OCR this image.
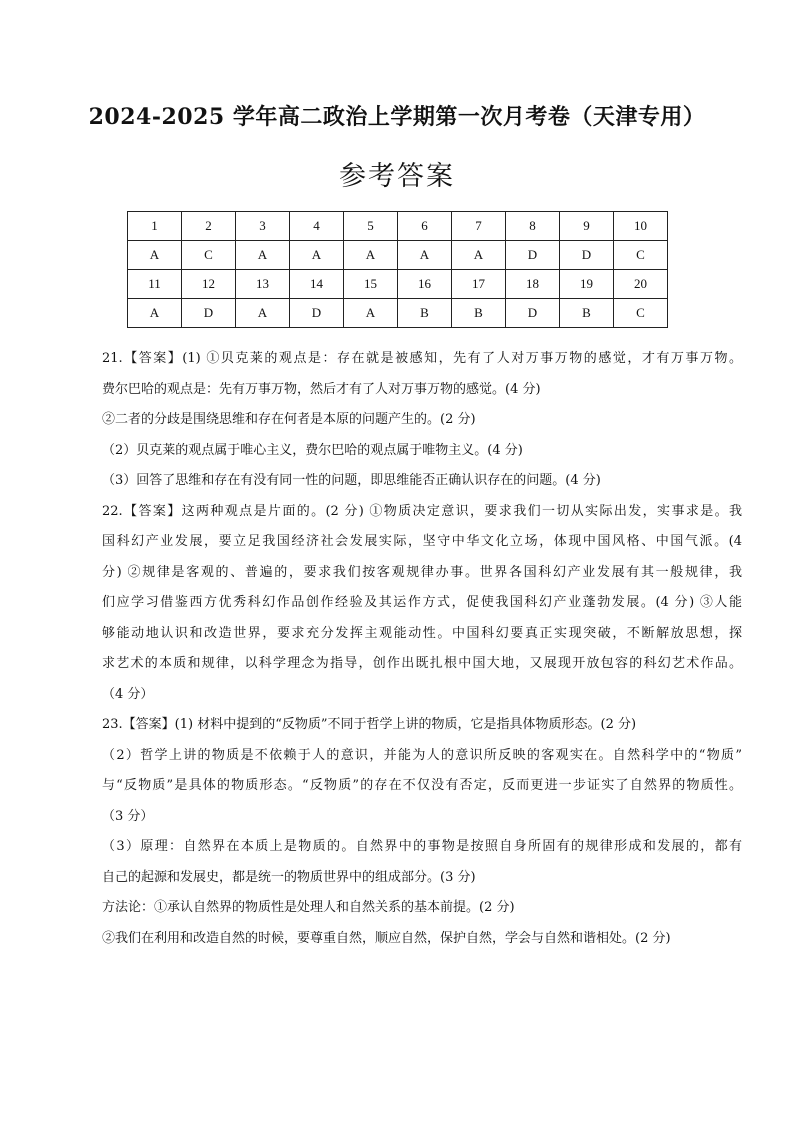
2024-2025 学年高二政治上学期第一次月考卷（天津专用）
参考答案
1	2	3	4	5	6	7	8	9	10
A	C	A	A	A	A	A	D	D	C
11	12	13	14	15	16	17	18	19	20
A	D	A	D	A	B	B	D	B	C
21.【答案】(1) ①贝克莱的观点是：存在就是被感知，先有了人对万事万物的感觉，才有万事万物。
费尔巴哈的观点是：先有万事万物，然后才有了人对万事万物的感觉。(4 分)
②二者的分歧是围绕思维和存在何者是本原的问题产生的。(2 分)
（2）贝克莱的观点属于唯心主义，费尔巴哈的观点属于唯物主义。(4 分)
（3）回答了思维和存在有没有同一性的问题，即思维能否正确认识存在的问题。(4 分)
22.【答案】这两种观点是片面的。(2 分) ①物质决定意识，要求我们一切从实际出发，实事求是。我
国科幻产业发展，要立足我国经济社会发展实际，坚守中华文化立场，体现中国风格、中国气派。(4
分) ②规律是客观的、普遍的，要求我们按客观规律办事。世界各国科幻产业发展有其一般规律，我
们应学习借鉴西方优秀科幻作品创作经验及其运作方式，促使我国科幻产业蓬勃发展。(4 分) ③人能
够能动地认识和改造世界，要求充分发挥主观能动性。中国科幻要真正实现突破，不断解放思想，探
求艺术的本质和规律，以科学理念为指导，创作出既扎根中国大地，又展现开放包容的科幻艺术作品。
（4 分）
23.【答案】(1) 材料中提到的“反物质”不同于哲学上讲的物质，它是指具体物质形态。(2 分)
（2）哲学上讲的物质是不依赖于人的意识，并能为人的意识所反映的客观实在。自然科学中的“物质”
与“反物质”是具体的物质形态。“反物质”的存在不仅没有否定，反而更进一步证实了自然界的物质性。
（3 分）
（3）原理：自然界在本质上是物质的。自然界中的事物是按照自身所固有的规律形成和发展的，都有
自己的起源和发展史，都是统一的物质世界中的组成部分。(3 分)
方法论：①承认自然界的物质性是处理人和自然关系的基本前提。(2 分)
②我们在利用和改造自然的时候，要尊重自然，顺应自然，保护自然，学会与自然和谐相处。(2 分)
